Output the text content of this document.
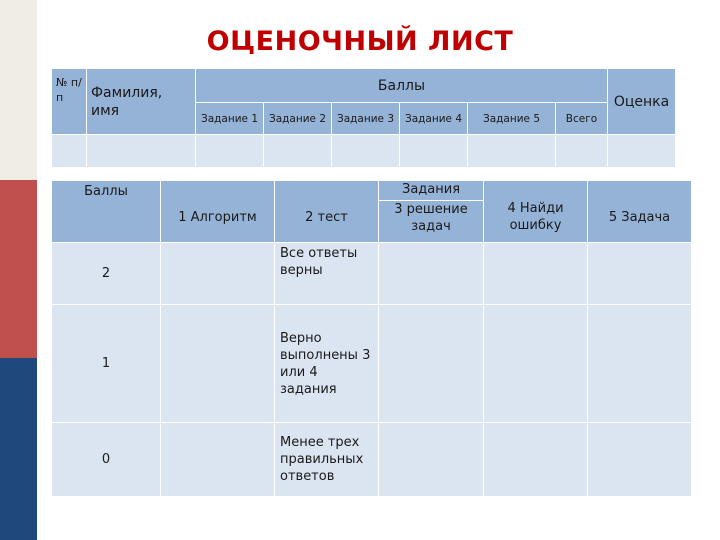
ОЦЕНОЧНЫЙ ЛИСТ
№ п/п	Фамилия, имя	Баллы						Оценка
		Задание 1	Задание 2	Задание 3	Задание 4	Задание 5	Всего	

Баллы	1 Алгоритм	2 тест	Задания	4 Найди ошибку	5 Задача
			3 решение задач		
2		Все ответы верны			
1		Верно выполнены 3 или 4 задания			
0		Менее трех правильных ответов			
